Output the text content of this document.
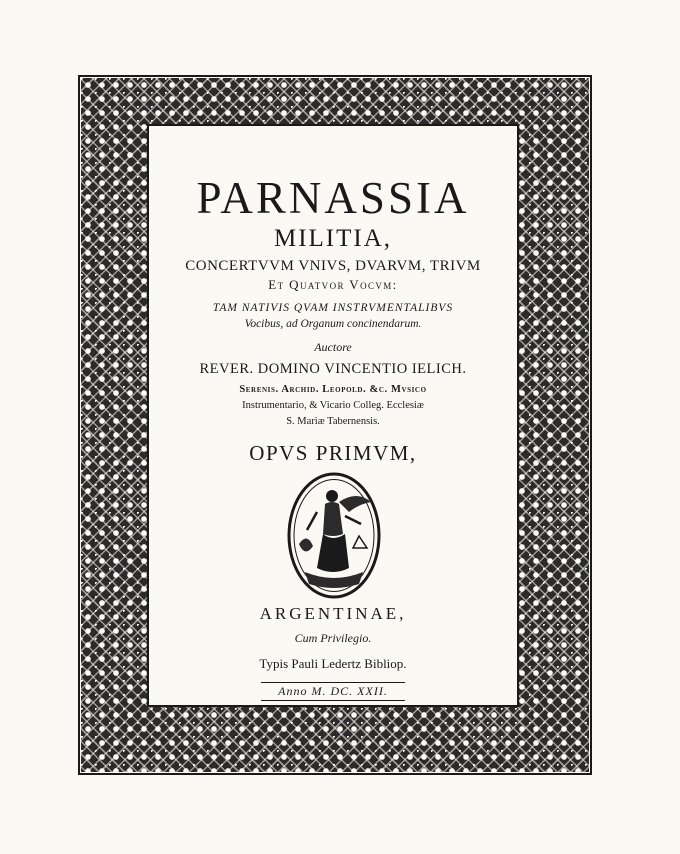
PARNASSIA
MILITIA,
CONCERTVVM VNIVS, DVARVM, TRIVM
Et Quatvor Vocvm:
TAM NATIVIS QVAM INSTRVMENTALIBVS
Vocibus, ad Organum concinendarum.
Auctore
REVER. DOMINO VINCENTIO IELICH.
Serenis. Archid. Leopold. &c. Mvsico
Instrumentario, & Vicario Colleg. Ecclesiæ
S. Mariæ Tabernensis.
OPVS PRIMVM,
ARGENTINAE,
Cum Privilegio.
Typis Pauli Ledertz Bibliop.
Anno M. DC. XXII.
